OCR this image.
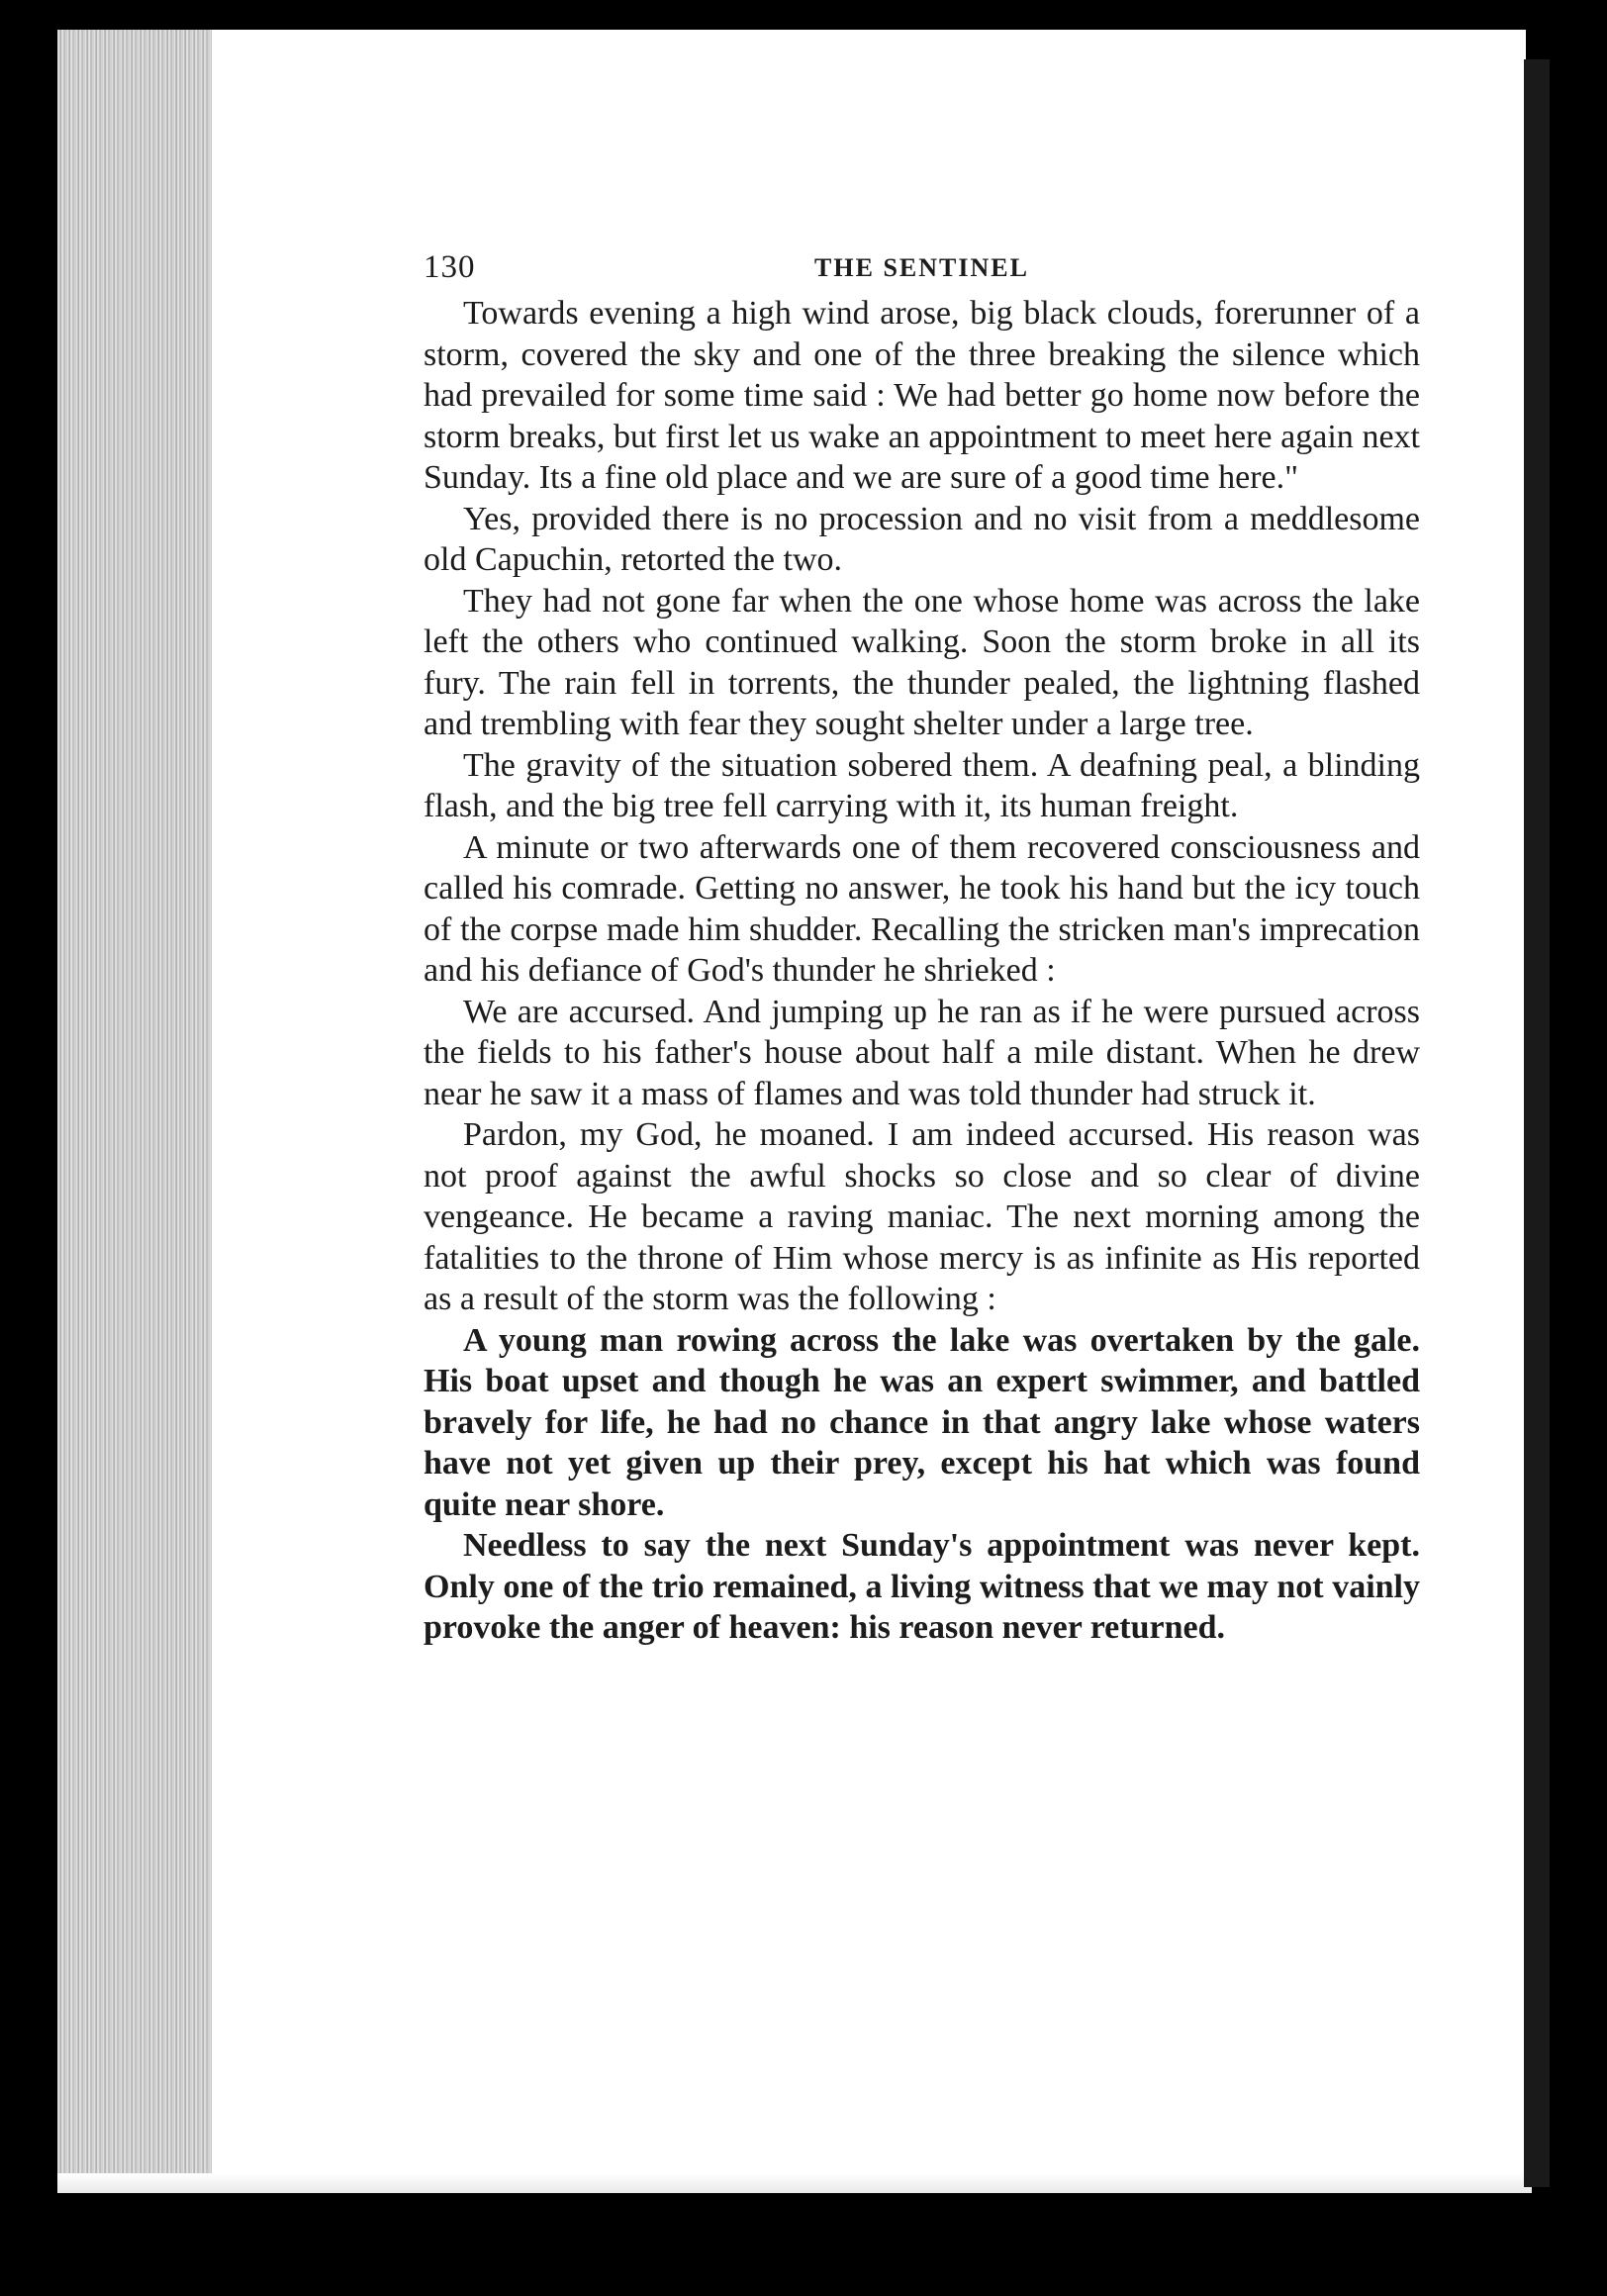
130	THE SENTINEL

Towards evening a high wind arose, big black clouds, forerunner of a storm, covered the sky and one of the three breaking the silence which had prevailed for some time said : We had better go home now before the storm breaks, but first let us wake an appointment to meet here again next Sunday. Its a fine old place and we are sure of a good time here."

Yes, provided there is no procession and no visit from a meddlesome old Capuchin, retorted the two.

They had not gone far when the one whose home was across the lake left the others who continued walking. Soon the storm broke in all its fury. The rain fell in torrents, the thunder pealed, the lightning flashed and trembling with fear they sought shelter under a large tree.

The gravity of the situation sobered them. A deafning peal, a blinding flash, and the big tree fell carrying with it, its human freight.

A minute or two afterwards one of them recovered consciousness and called his comrade. Getting no answer, he took his hand but the icy touch of the corpse made him shudder. Recalling the stricken man's imprecation and his defiance of God's thunder he shrieked :

We are accursed. And jumping up he ran as if he were pursued across the fields to his father's house about half a mile distant. When he drew near he saw it a mass of flames and was told thunder had struck it.

Pardon, my God, he moaned. I am indeed accursed. His reason was not proof against the awful shocks so close and so clear of divine vengeance. He became a raving maniac. The next morning among the fatalities to the throne of Him whose mercy is as infinite as His reported as a result of the storm was the following :

A young man rowing across the lake was overtaken by the gale. His boat upset and though he was an expert swimmer, and battled bravely for life, he had no chance in that angry lake whose waters have not yet given up their prey, except his hat which was found quite near shore.

Needless to say the next Sunday's appointment was never kept. Only one of the trio remained, a living witness that we may not vainly provoke the anger of heaven: his reason never returned.
